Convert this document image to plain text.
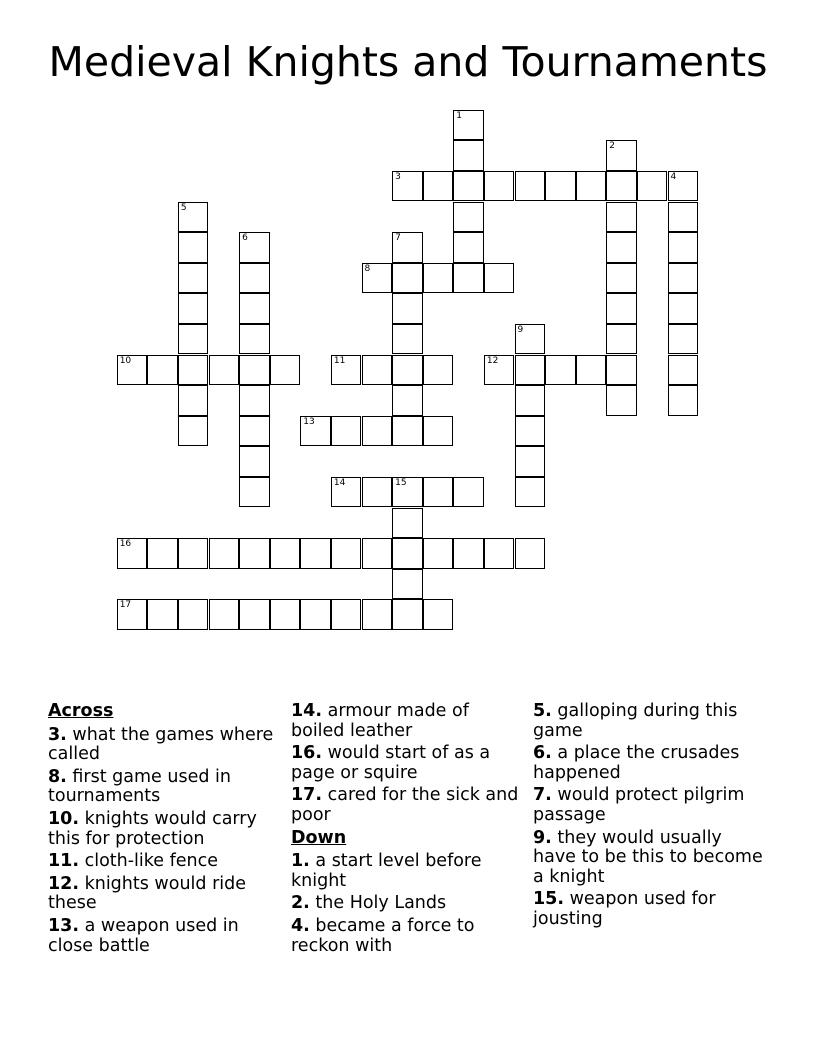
Medieval Knights and Tournaments
1
2
3	4
5
6	7
8
9
10	11	12
13
14	15
16
17
Across
3. what the games where called
8. first game used in tournaments
10. knights would carry this for protection
11. cloth-like fence
12. knights would ride these
13. a weapon used in close battle
14. armour made of boiled leather
16. would start of as a page or squire
17. cared for the sick and poor
Down
1. a start level before knight
2. the Holy Lands
4. became a force to reckon with
5. galloping during this game
6. a place the crusades happened
7. would protect pilgrim passage
9. they would usually have to be this to become a knight
15. weapon used for jousting
